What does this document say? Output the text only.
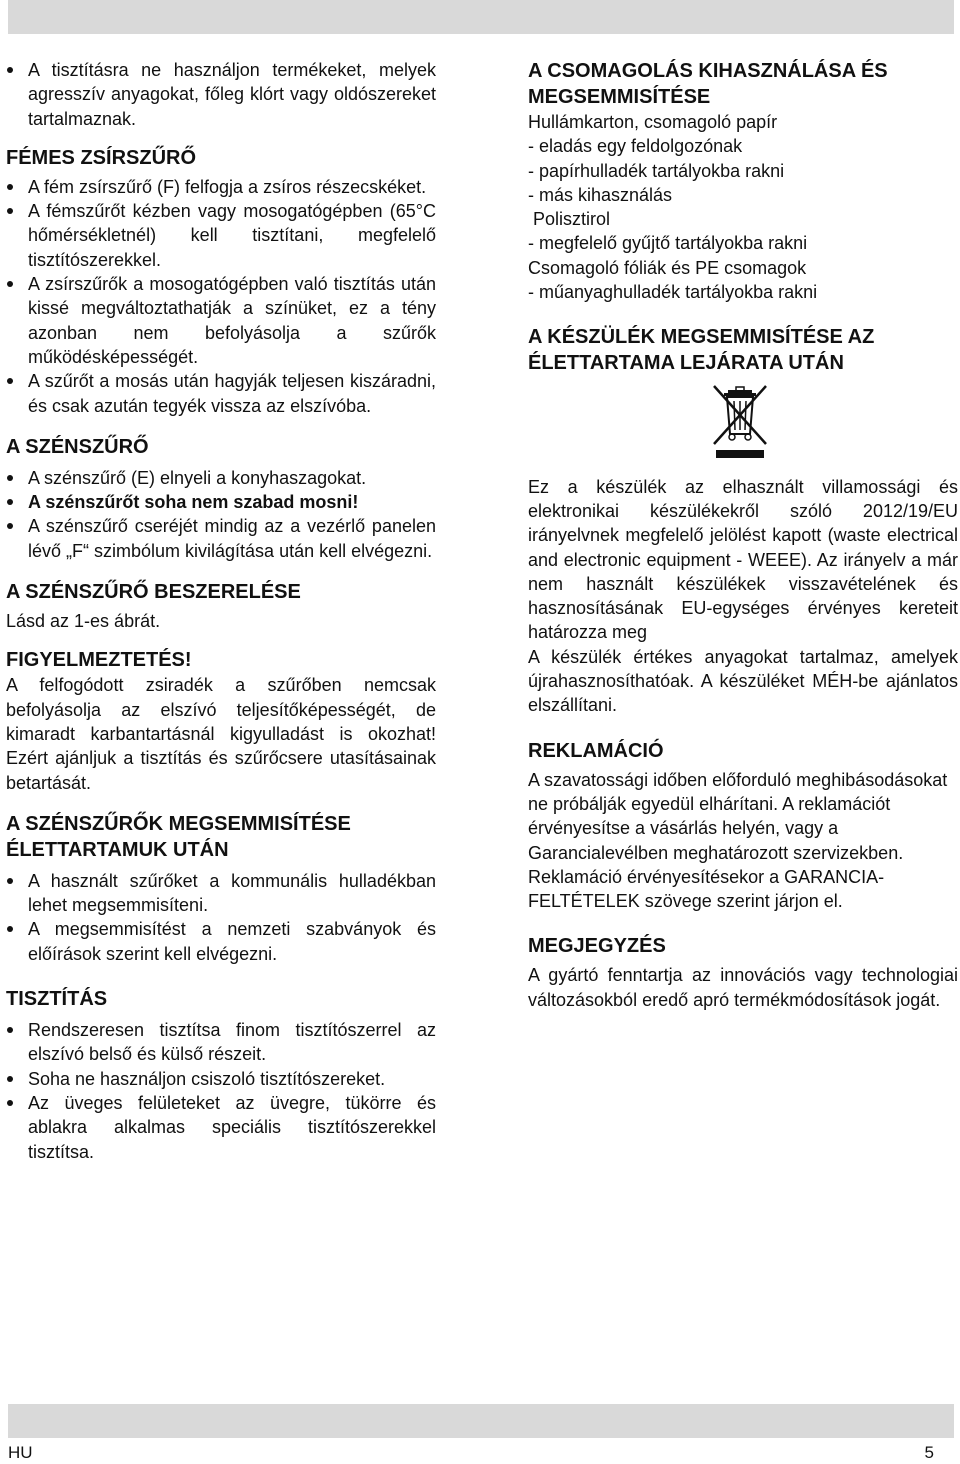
A tisztításra ne használjon termékeket, melyek agresszív anyagokat, főleg klórt vagy oldószereket tartalmaznak.
FÉMES ZSÍRSZŰRŐ
A fém zsírszűrő (F) felfogja a zsíros részecskéket.
A fémszűrőt kézben vagy mosogatógépben (65°C hőmérsékletnél) kell tisztítani, megfelelő tisztítószerekkel.
A zsírszűrők a mosogatógépben való tisztítás után kissé megváltoztathatják a színüket, ez a tény azonban nem befolyásolja a szűrők működésképességét.
A szűrőt a mosás után hagyják teljesen kiszáradni, és csak azután tegyék vissza az elszívóba.
A SZÉNSZŰRŐ
A szénszűrő (E) elnyeli a konyhaszagokat.
A szénszűrőt soha nem szabad mosni!
A szénszűrő cseréjét mindig az a vezérlő panelen lévő „F“ szimbólum kivilágítása után kell elvégezni.
A SZÉNSZŰRŐ BESZERELÉSE

Lásd az 1-es ábrát.

FIGYELMEZTETÉS!

A felfogódott zsiradék a szűrőben nemcsak befolyásolja az elszívó teljesítőképességét, de kimaradt karbantartásnál kigyulladást is okozhat! Ezért ajánljuk a tisztítás és szűrőcsere utasításainak betartását.

A SZÉNSZŰRŐK MEGSEMMISÍTÉSE ÉLETTARTAMUK UTÁN
A használt szűrőket a kommunális hulladékban lehet megsemmisíteni.
A megsemmisítést a nemzeti szabványok és előírások szerint kell elvégezni.
TISZTÍTÁS
Rendszeresen tisztítsa finom tisztítószerrel az elszívó belső és külső részeit.
Soha ne használjon csiszoló tisztítószereket.
Az üveges felületeket az üvegre, tükörre és ablakra alkalmas speciális tisztítószerekkel tisztítsa.
A CSOMAGOLÁS KIHASZNÁLÁSA ÉS MEGSEMMISÍTÉSE

Hullámkarton, csomagoló papír

- eladás egy feldolgozónak

- papírhulladék tartályokba rakni

- más kihasználás

Polisztirol

- megfelelő gyűjtő tartályokba rakni

Csomagoló fóliák és PE csomagok

- műanyaghulladék tartályokba rakni

A KÉSZÜLÉK MEGSEMMISÍTÉSE AZ ÉLETTARTAMA LEJÁRATA UTÁN

Ez a készülék az elhasznált villamossági és elektronikai készülékekről szóló 2012/19/EU irányelvnek megfelelő jelölést kapott (waste electrical and electronic equipment - WEEE). Az irányelv a már nem használt készülékek visszavételének és hasznosításának EU-egységes érvényes kereteit határozza meg

A készülék értékes anyagokat tartalmaz, amelyek újrahasznosíthatóak. A készüléket MÉH-be ajánlatos elszállítani.

REKLAMÁCIÓ

A szavatossági időben előforduló meghibásodásokat ne próbálják egyedül elhárítani. A reklamációt érvényesítse a vásárlás helyén, vagy a Garancialevélben meghatározott szervizekben.

Reklamáció érvényesítésekor a GARANCIA-FELTÉTELEK szövege szerint járjon el.

MEGJEGYZÉS

A gyártó fenntartja az innovációs vagy technologiai változásokból eredő apró termékmódosítások jogát.

HU	5
